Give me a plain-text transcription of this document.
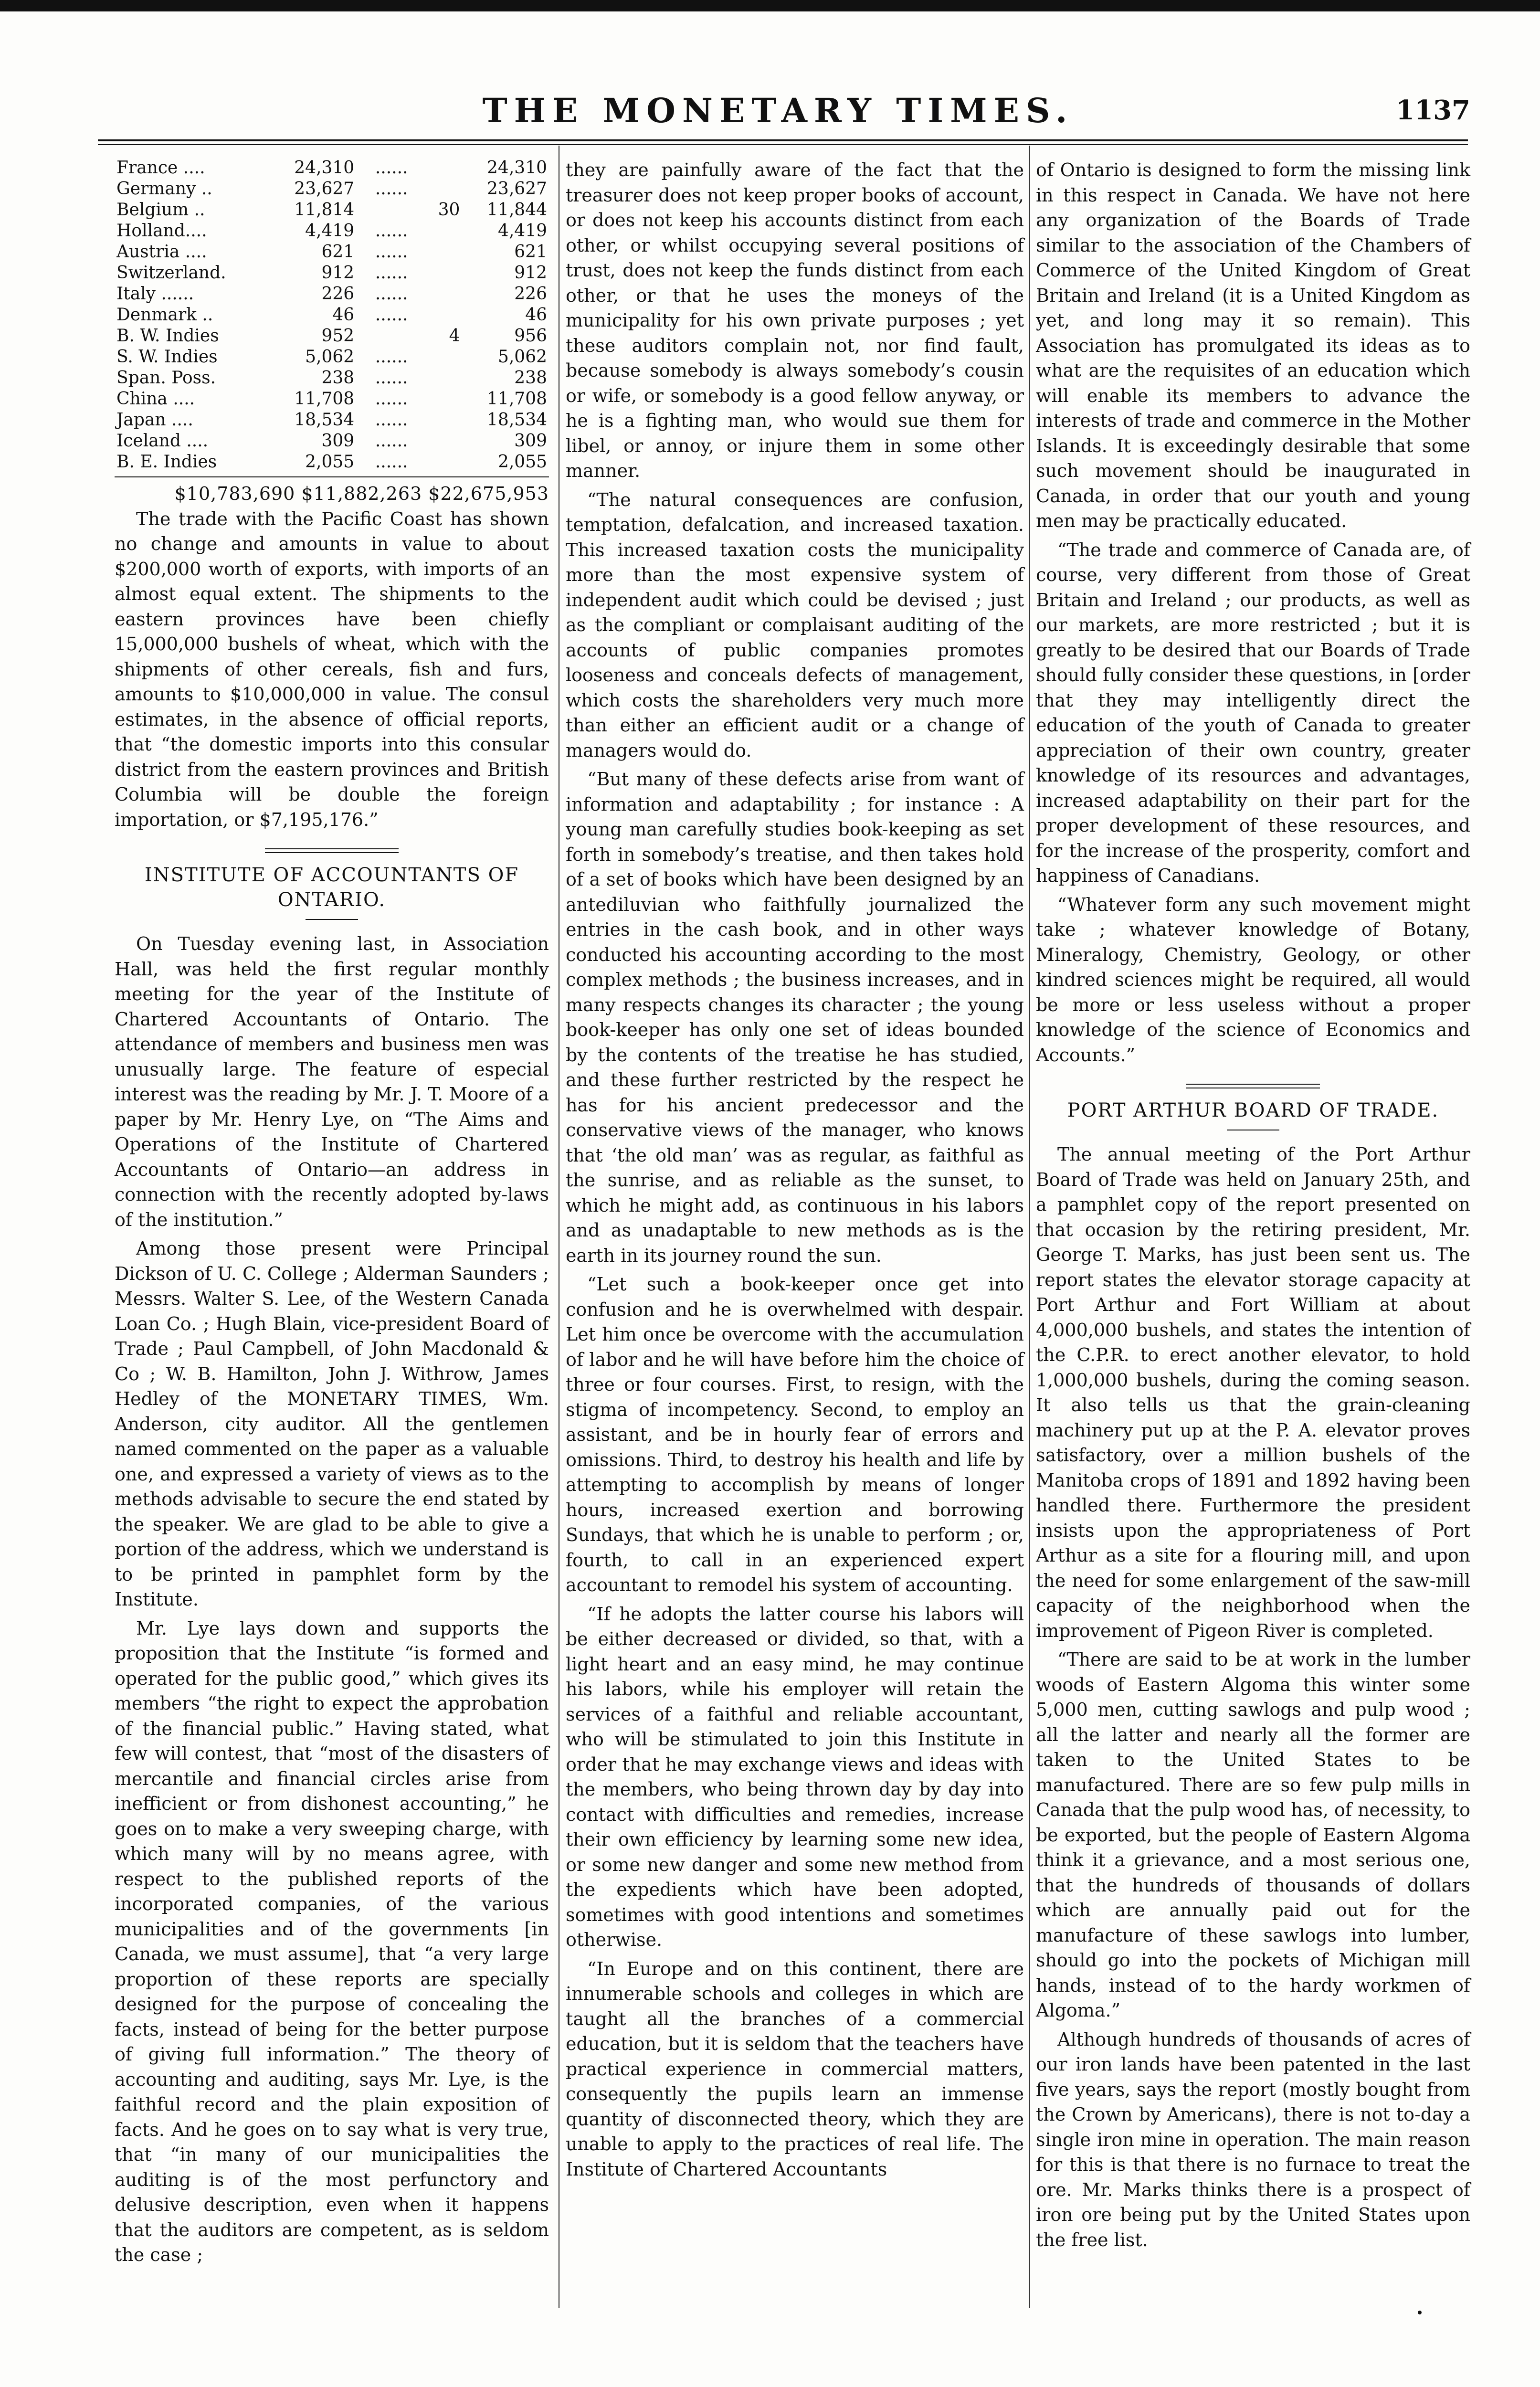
THE MONETARY TIMES.	1137
France ....	24,310	......		24,310
Germany ..	23,627	......		23,627
Belgium ..	11,814		30	11,844
Holland....	4,419	......		4,419
Austria ....	621	......		621
Switzerland.	912	......		912
Italy ......	226	......		226
Denmark ..	46	......		46
B. W. Indies	952		4	956
S. W. Indies	5,062	......		5,062
Span. Poss.	238	......		238
China ....	11,708	......		11,708
Japan ....	18,534	......		18,534
Iceland ....	309	......		309
B. E. Indies	2,055	......		2,055
$10,783,690 $11,882,263 $22,675,953

The trade with the Pacific Coast has shown no change and amounts in value to about $200,000 worth of exports, with imports of an almost equal extent. The shipments to the eastern provinces have been chiefly 15,000,000 bushels of wheat, which with the shipments of other cereals, fish and furs, amounts to $10,000,000 in value. The consul estimates, in the absence of official reports, that “the domestic imports into this consular district from the eastern provinces and British Columbia will be double the foreign importation, or $7,195,176.”

INSTITUTE OF ACCOUNTANTS OF ONTARIO.

On Tuesday evening last, in Association Hall, was held the first regular monthly meeting for the year of the Institute of Chartered Accountants of Ontario. The attendance of members and business men was unusually large. The feature of especial interest was the reading by Mr. J. T. Moore of a paper by Mr. Henry Lye, on “The Aims and Operations of the Institute of Chartered Accountants of Ontario—an address in connection with the recently adopted by-laws of the institution.”

Among those present were Principal Dickson of U. C. College ; Alderman Saunders ; Messrs. Walter S. Lee, of the Western Canada Loan Co. ; Hugh Blain, vice-president Board of Trade ; Paul Campbell, of John Macdonald & Co ; W. B. Hamilton, John J. Withrow, James Hedley of the MONETARY TIMES, Wm. Anderson, city auditor. All the gentlemen named commented on the paper as a valuable one, and expressed a variety of views as to the methods advisable to secure the end stated by the speaker. We are glad to be able to give a portion of the address, which we understand is to be printed in pamphlet form by the Institute.

Mr. Lye lays down and supports the proposition that the Institute “is formed and operated for the public good,” which gives its members “the right to expect the approbation of the financial public.” Having stated, what few will contest, that “most of the disasters of mercantile and financial circles arise from inefficient or from dishonest accounting,” he goes on to make a very sweeping charge, with which many will by no means agree, with respect to the published reports of the incorporated companies, of the various municipalities and of the governments [in Canada, we must assume], that “a very large proportion of these reports are specially designed for the purpose of concealing the facts, instead of being for the better purpose of giving full information.” The theory of accounting and auditing, says Mr. Lye, is the faithful record and the plain exposition of facts. And he goes on to say what is very true, that “in many of our municipalities the auditing is of the most perfunctory and delusive description, even when it happens that the auditors are competent, as is seldom the case ;

they are painfully aware of the fact that the treasurer does not keep proper books of account, or does not keep his accounts distinct from each other, or whilst occupying several positions of trust, does not keep the funds distinct from each other, or that he uses the moneys of the municipality for his own private purposes ; yet these auditors complain not, nor find fault, because somebody is always somebody’s cousin or wife, or somebody is a good fellow anyway, or he is a fighting man, who would sue them for libel, or annoy, or injure them in some other manner.

“The natural consequences are confusion, temptation, defalcation, and increased taxation. This increased taxation costs the municipality more than the most expensive system of independent audit which could be devised ; just as the compliant or complaisant auditing of the accounts of public companies promotes looseness and conceals defects of management, which costs the shareholders very much more than either an efficient audit or a change of managers would do.

“But many of these defects arise from want of information and adaptability ; for instance : A young man carefully studies book-keeping as set forth in somebody’s treatise, and then takes hold of a set of books which have been designed by an antediluvian who faithfully journalized the entries in the cash book, and in other ways conducted his accounting according to the most complex methods ; the business increases, and in many respects changes its character ; the young book-keeper has only one set of ideas bounded by the contents of the treatise he has studied, and these further restricted by the respect he has for his ancient predecessor and the conservative views of the manager, who knows that ‘the old man’ was as regular, as faithful as the sunrise, and as reliable as the sunset, to which he might add, as continuous in his labors and as unadaptable to new methods as is the earth in its journey round the sun.

“Let such a book-keeper once get into confusion and he is overwhelmed with despair. Let him once be overcome with the accumulation of labor and he will have before him the choice of three or four courses. First, to resign, with the stigma of incompetency. Second, to employ an assistant, and be in hourly fear of errors and omissions. Third, to destroy his health and life by attempting to accomplish by means of longer hours, increased exertion and borrowing Sundays, that which he is unable to perform ; or, fourth, to call in an experienced expert accountant to remodel his system of accounting.

“If he adopts the latter course his labors will be either decreased or divided, so that, with a light heart and an easy mind, he may continue his labors, while his employer will retain the services of a faithful and reliable accountant, who will be stimulated to join this Institute in order that he may exchange views and ideas with the members, who being thrown day by day into contact with difficulties and remedies, increase their own efficiency by learning some new idea, or some new danger and some new method from the expedients which have been adopted, sometimes with good intentions and sometimes otherwise.

“In Europe and on this continent, there are innumerable schools and colleges in which are taught all the branches of a commercial education, but it is seldom that the teachers have practical experience in commercial matters, consequently the pupils learn an immense quantity of disconnected theory, which they are unable to apply to the practices of real life. The Institute of Chartered Accountants

of Ontario is designed to form the missing link in this respect in Canada. We have not here any organization of the Boards of Trade similar to the association of the Chambers of Commerce of the United Kingdom of Great Britain and Ireland (it is a United Kingdom as yet, and long may it so remain). This Association has promulgated its ideas as to what are the requisites of an education which will enable its members to advance the interests of trade and commerce in the Mother Islands. It is exceedingly desirable that some such movement should be inaugurated in Canada, in order that our youth and young men may be practically educated.

“The trade and commerce of Canada are, of course, very different from those of Great Britain and Ireland ; our products, as well as our markets, are more restricted ; but it is greatly to be desired that our Boards of Trade should fully consider these questions, in [order that they may intelligently direct the education of the youth of Canada to greater appreciation of their own country, greater knowledge of its resources and advantages, increased adaptability on their part for the proper development of these resources, and for the increase of the prosperity, comfort and happiness of Canadians.

“Whatever form any such movement might take ; whatever knowledge of Botany, Mineralogy, Chemistry, Geology, or other kindred sciences might be required, all would be more or less useless without a proper knowledge of the science of Economics and Accounts.”

PORT ARTHUR BOARD OF TRADE.

The annual meeting of the Port Arthur Board of Trade was held on January 25th, and a pamphlet copy of the report presented on that occasion by the retiring president, Mr. George T. Marks, has just been sent us. The report states the elevator storage capacity at Port Arthur and Fort William at about 4,000,000 bushels, and states the intention of the C.P.R. to erect another elevator, to hold 1,000,000 bushels, during the coming season. It also tells us that the grain-cleaning machinery put up at the P. A. elevator proves satisfactory, over a million bushels of the Manitoba crops of 1891 and 1892 having been handled there. Furthermore the president insists upon the appropriateness of Port Arthur as a site for a flouring mill, and upon the need for some enlargement of the saw-mill capacity of the neighborhood when the improvement of Pigeon River is completed.

“There are said to be at work in the lumber woods of Eastern Algoma this winter some 5,000 men, cutting sawlogs and pulp wood ; all the latter and nearly all the former are taken to the United States to be manufactured. There are so few pulp mills in Canada that the pulp wood has, of necessity, to be exported, but the people of Eastern Algoma think it a grievance, and a most serious one, that the hundreds of thousands of dollars which are annually paid out for the manufacture of these sawlogs into lumber, should go into the pockets of Michigan mill hands, instead of to the hardy workmen of Algoma.”

Although hundreds of thousands of acres of our iron lands have been patented in the last five years, says the report (mostly bought from the Crown by Americans), there is not to-day a single iron mine in operation. The main reason for this is that there is no furnace to treat the ore. Mr. Marks thinks there is a prospect of iron ore being put by the United States upon the free list.
